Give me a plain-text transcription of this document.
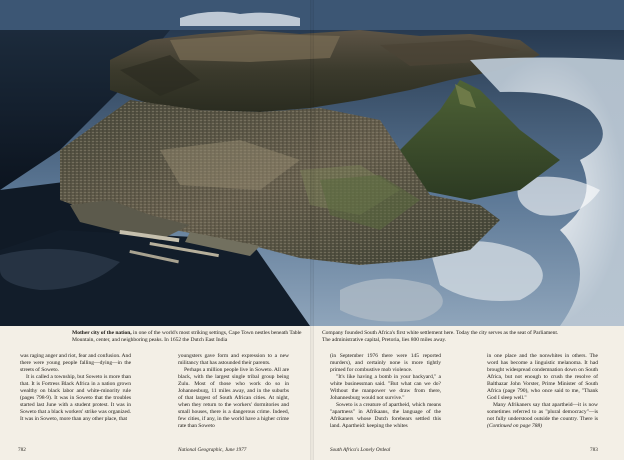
Mother city of the nation, in one of the world's most striking settings, Cape Town nestles beneath Table Mountain, center, and neighboring peaks. In 1652 the Dutch East India
Company founded South Africa's first white settlement here. Today the city serves as the seat of Parliament. The administrative capital, Pretoria, lies 800 miles away.

was raging anger and riot, fear and confusion. And there were young people falling—dying—in the streets of Soweto.

It is called a township, but Soweto is more than that. It is Fortress Black Africa in a nation grown wealthy on black labor and white-minority rule (pages 798-9). It was in Soweto that the troubles started last June with a student protest. It was in Soweto that a black workers' strike was organized. It was in Soweto, more than any other place, that

youngsters gave form and expression to a new militancy that has astounded their parents.

Perhaps a million people live in Soweto. All are black, with the largest single tribal group being Zulu. Most of those who work do so in Johannesburg, 11 miles away, and in the suburbs of that largest of South African cities. At night, when they return to the workers' dormitories and small houses, there is a dangerous crime. Indeed, few cities, if any, in the world have a higher crime rate than Soweto

(in September 1976 there were 145 reported murders), and certainly none is more tightly primed for combustive mob violence.

"It's like having a bomb in your backyard," a white businessman said. "But what can we do? Without the manpower we draw from there, Johannesburg would not survive."

Soweto is a creature of apartheid, which means "apartness" in Afrikaans, the language of the Afrikaners whose Dutch forebears settled this land. Apartheid: keeping the whites

in one place and the nonwhites in others. The word has become a linguistic melanoma. It had brought widespread condemnation down on South Africa, but not enough to crush the resolve of Balthazar John Vorster, Prime Minister of South Africa (page 790), who once said to me, "Thank God I sleep well."

Many Afrikaners say that apartheid—it is now sometimes referred to as "plural democracy"—is not fully understood outside the country. There is (Continued on page 788)

782	National Geographic, June 1977	South Africa's Lonely Ordeal	783
